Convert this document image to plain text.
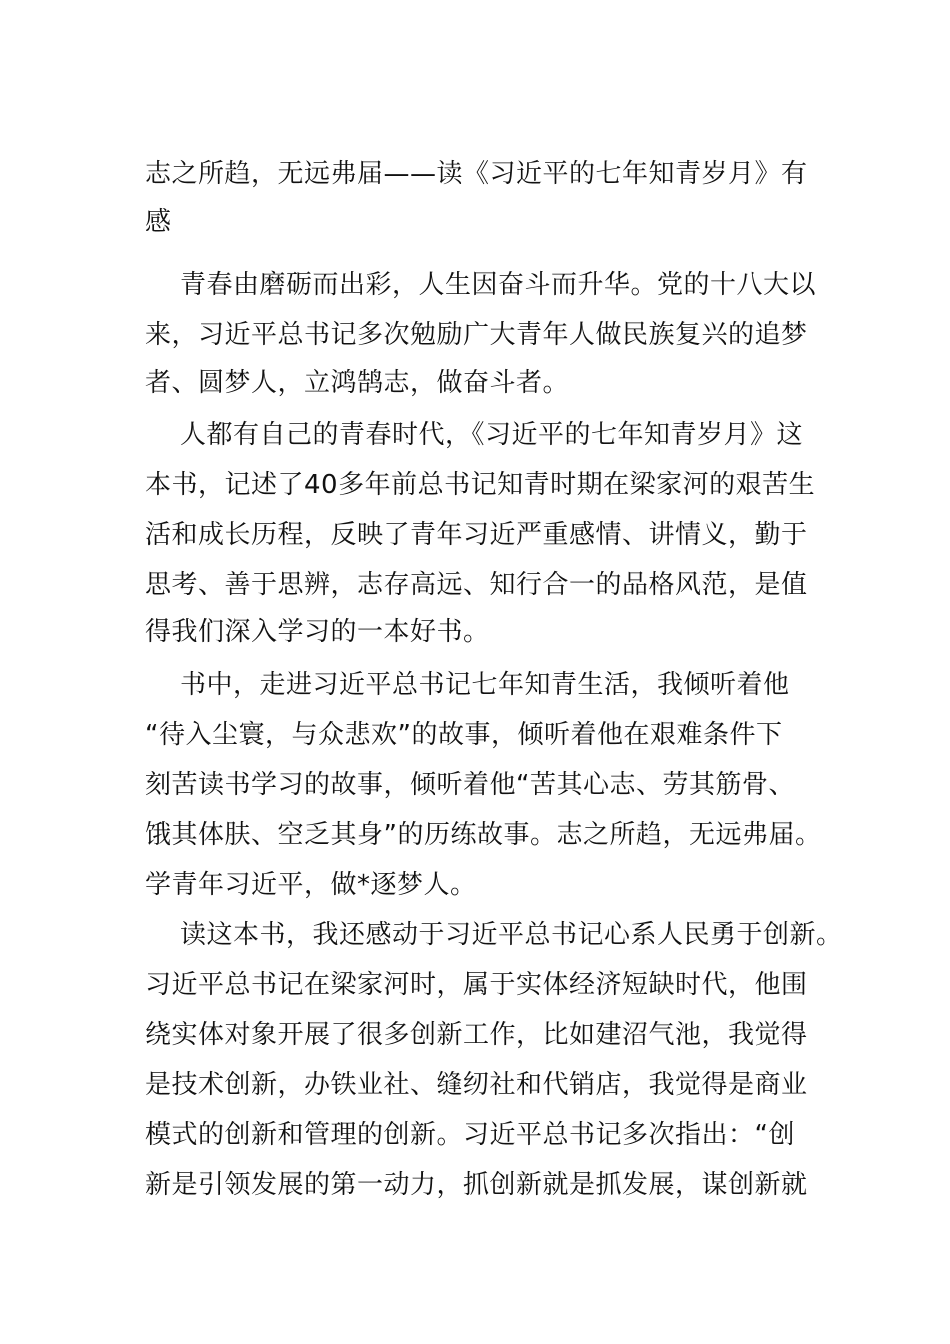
志之所趋，无远弗届——读《习近平的七年知青岁月》有
感
青春由磨砺而出彩，人生因奋斗而升华。党的十八大以
来，习近平总书记多次勉励广大青年人做民族复兴的追梦
者、圆梦人，立鸿鹄志，做奋斗者。
人都有自己的青春时代，《习近平的七年知青岁月》这
本书，记述了40多年前总书记知青时期在梁家河的艰苦生
活和成长历程，反映了青年习近严重感情、讲情义，勤于
思考、善于思辨，志存高远、知行合一的品格风范，是值
得我们深入学习的一本好书。
书中，走进习近平总书记七年知青生活，我倾听着他
“待入尘寰，与众悲欢”的故事，倾听着他在艰难条件下
刻苦读书学习的故事，倾听着他“苦其心志、劳其筋骨、
饿其体肤、空乏其身”的历练故事。志之所趋，无远弗届。
学青年习近平，做*逐梦人。
读这本书，我还感动于习近平总书记心系人民勇于创新。
习近平总书记在梁家河时，属于实体经济短缺时代，他围
绕实体对象开展了很多创新工作，比如建沼气池，我觉得
是技术创新，办铁业社、缝纫社和代销店，我觉得是商业
模式的创新和管理的创新。习近平总书记多次指出：“创
新是引领发展的第一动力，抓创新就是抓发展，谋创新就
